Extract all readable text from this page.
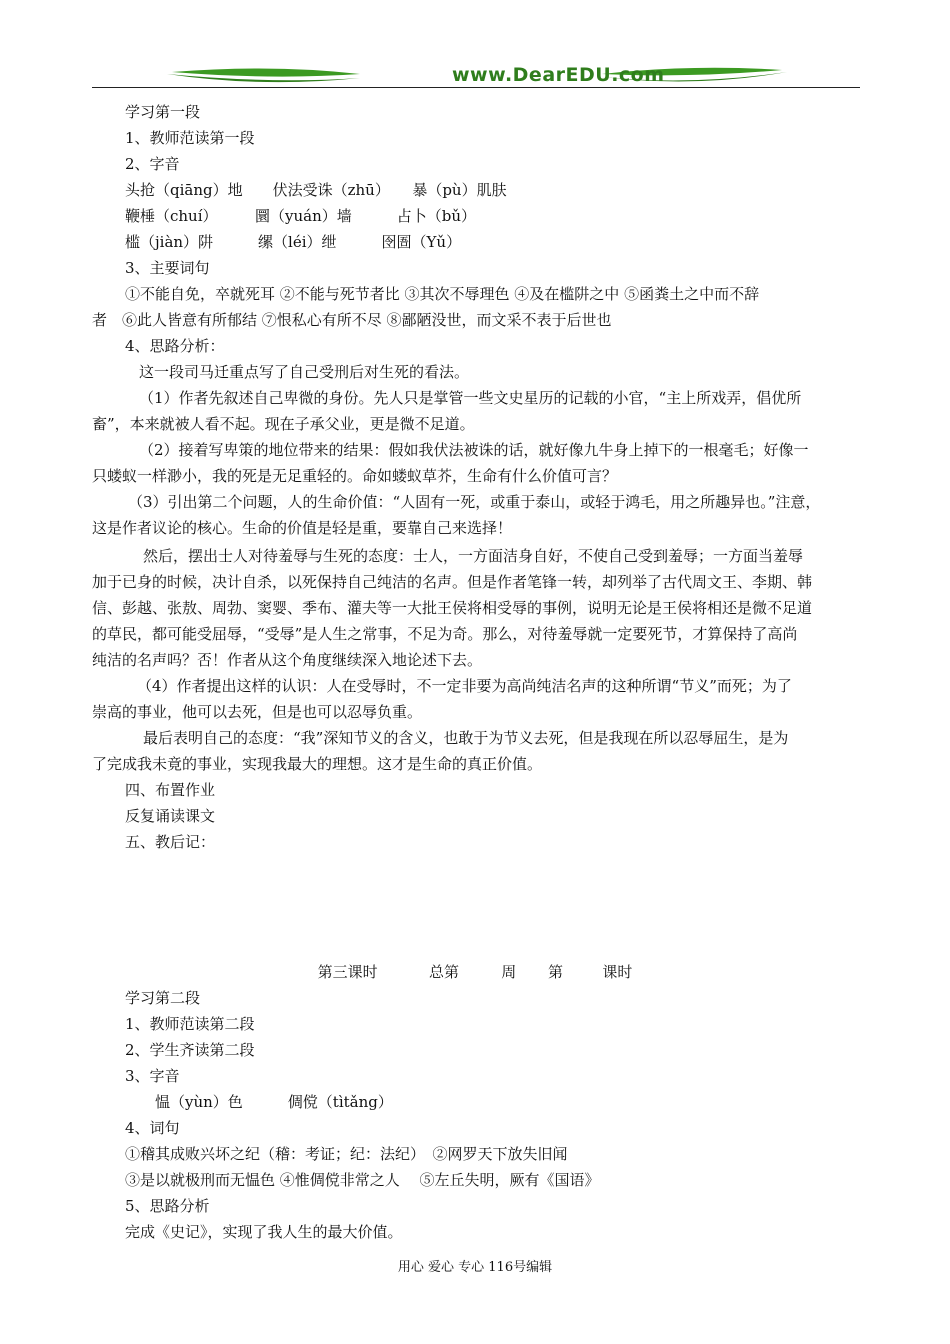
www.DearEDU.com
学习第一段
1、教师范读第一段
2、字音
头抢（qiāng）地　　伏法受诛（zhū）　　暴（pù）肌肤
鞭棰（chuí）　　　圜（yuán）墙　　　占卜（bǔ）
槛（jiàn）阱　　　缧（léi）绁　　　囹圄（Yǔ）
3、主要词句
①不能自免，卒就死耳 ②不能与死节者比 ③其次不辱理色 ④及在槛阱之中 ⑤函粪土之中而不辞
者　⑥此人皆意有所郁结 ⑦恨私心有所不尽 ⑧鄙陋没世，而文采不表于后世也
4、思路分析：
这一段司马迁重点写了自己受刑后对生死的看法。
（1）作者先叙述自己卑微的身份。先人只是掌管一些文史星历的记载的小官，“主上所戏弄，倡优所
畜”，本来就被人看不起。现在子承父业，更是微不足道。
（2）接着写卑策的地位带来的结果：假如我伏法被诛的话，就好像九牛身上掉下的一根毫毛；好像一
只蝼蚁一样渺小，我的死是无足重轻的。命如蝼蚁草芥，生命有什么价值可言？
（3）引出第二个问题，人的生命价值：“人固有一死，或重于泰山，或轻于鸿毛，用之所趣异也。”注意，
这是作者议论的核心。生命的价值是轻是重，要靠自己来选择！
然后，摆出士人对待羞辱与生死的态度：士人，一方面洁身自好，不使自己受到羞辱；一方面当羞辱
加于已身的时候，决计自杀，以死保持自己纯洁的名声。但是作者笔锋一转，却列举了古代周文王、李期、韩
信、彭越、张敖、周勃、窦婴、季布、灌夫等一大批王侯将相受辱的事例，说明无论是王侯将相还是微不足道
的草民，都可能受屈辱，“受辱”是人生之常事，不足为奇。那么，对待羞辱就一定要死节，才算保持了高尚
纯洁的名声吗？否！作者从这个角度继续深入地论述下去。
（4）作者提出这样的认识：人在受辱时，不一定非要为高尚纯洁名声的这种所谓“节义”而死；为了
崇高的事业，他可以去死，但是也可以忍辱负重。
最后表明自己的态度：“我”深知节义的含义，也敢于为节义去死，但是我现在所以忍辱屈生，是为
了完成我未竟的事业，实现我最大的理想。这才是生命的真正价值。
四、布置作业
反复诵读课文
五、教后记：
第三课时	总第	周 第	课时
学习第二段
1、教师范读第二段
2、学生齐读第二段
3、字音
愠（yùn）色　　　倜傥（tìtǎng）
4、词句
①稽其成败兴坏之纪（稽：考证；纪：法纪）　②网罗天下放失旧闻
③是以就极刑而无愠色 ④惟倜傥非常之人　 ⑤左丘失明，厥有《国语》
5、思路分析
完成《史记》，实现了我人生的最大价值。
用心 爱心 专心 116号编辑
